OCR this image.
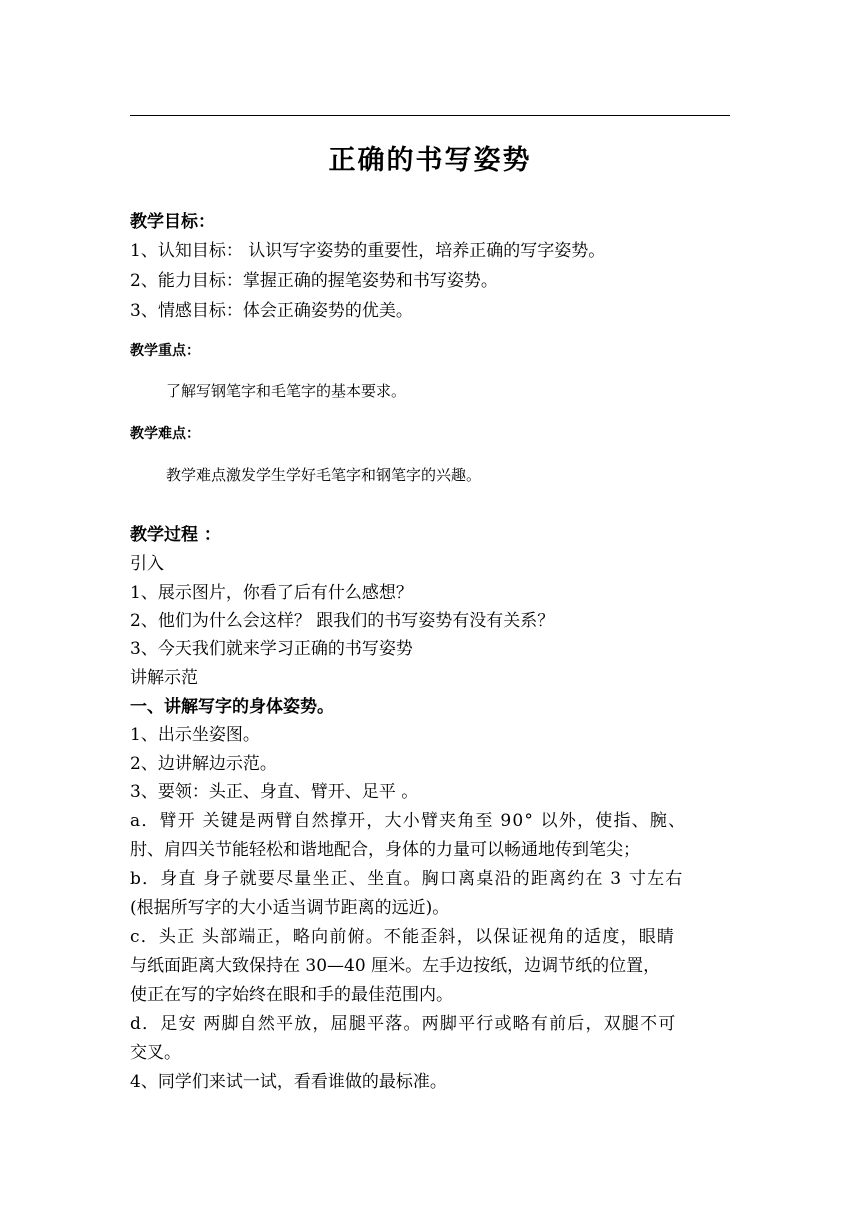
正确的书写姿势
教学目标：
1、认知目标： 认识写字姿势的重要性，培养正确的写字姿势。
2、能力目标：掌握正确的握笔姿势和书写姿势。
3、情感目标：体会正确姿势的优美。
教学重点：
了解写钢笔字和毛笔字的基本要求。
教学难点：
教学难点激发学生学好毛笔字和钢笔字的兴趣。
教学过程 ：
引入
1、展示图片，你看了后有什么感想？
2、他们为什么会这样？ 跟我们的书写姿势有没有关系？
3、今天我们就来学习正确的书写姿势
讲解示范
一、讲解写字的身体姿势。
1、出示坐姿图。
2、边讲解边示范。
3、要领：头正、身直、臂开、足平 。
a．臂开 关键是两臂自然撑开，大小臂夹角至 90° 以外，使指、腕、
肘、肩四关节能轻松和谐地配合，身体的力量可以畅通地传到笔尖；
b．身直 身子就要尽量坐正、坐直。胸口离桌沿的距离约在 3 寸左右
(根据所写字的大小适当调节距离的远近)。
c．头正 头部端正，略向前俯。不能歪斜，以保证视角的适度，眼睛
与纸面距离大致保持在 30—40 厘米。左手边按纸，边调节纸的位置，
使正在写的字始终在眼和手的最佳范围内。
d．足安 两脚自然平放，屈腿平落。两脚平行或略有前后，双腿不可
交叉。
4、同学们来试一试，看看谁做的最标准。
